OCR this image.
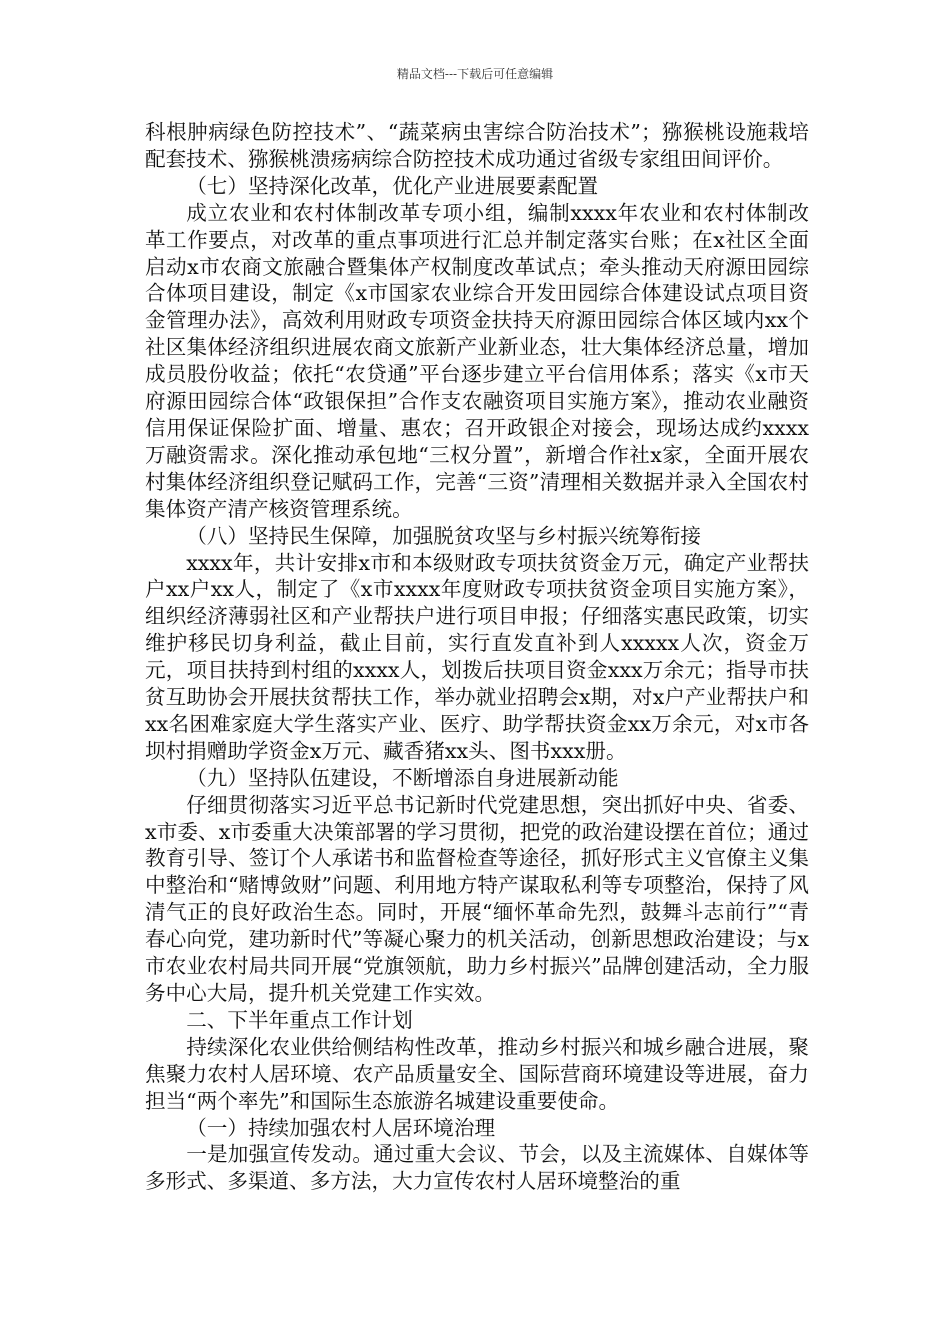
精品文档---下载后可任意编辑

科根肿病绿色防控技术”、“蔬菜病虫害综合防治技术”；猕猴桃设施栽培配套技术、猕猴桃溃疡病综合防控技术成功通过省级专家组田间评价。

（七）坚持深化改革，优化产业进展要素配置

成立农业和农村体制改革专项小组，编制xxxx年农业和农村体制改革工作要点，对改革的重点事项进行汇总并制定落实台账；在x社区全面启动x市农商文旅融合暨集体产权制度改革试点；牵头推动天府源田园综合体项目建设，制定《x市国家农业综合开发田园综合体建设试点项目资金管理办法》，高效利用财政专项资金扶持天府源田园综合体区域内xx个社区集体经济组织进展农商文旅新产业新业态，壮大集体经济总量，增加成员股份收益；依托“农贷通”平台逐步建立平台信用体系；落实《x市天府源田园综合体“政银保担”合作支农融资项目实施方案》，推动农业融资信用保证保险扩面、增量、惠农；召开政银企对接会，现场达成约xxxx万融资需求。深化推动承包地“三权分置”，新增合作社x家，全面开展农村集体经济组织登记赋码工作，完善“三资”清理相关数据并录入全国农村集体资产清产核资管理系统。

（八）坚持民生保障，加强脱贫攻坚与乡村振兴统筹衔接

xxxx年，共计安排x市和本级财政专项扶贫资金万元，确定产业帮扶户xx户xx人，制定了《x市xxxx年度财政专项扶贫资金项目实施方案》，组织经济薄弱社区和产业帮扶户进行项目申报；仔细落实惠民政策，切实维护移民切身利益，截止目前，实行直发直补到人xxxxx人次，资金万元，项目扶持到村组的xxxx人，划拨后扶项目资金xxx万余元；指导市扶贫互助协会开展扶贫帮扶工作，举办就业招聘会x期，对x户产业帮扶户和xx名困难家庭大学生落实产业、医疗、助学帮扶资金xx万余元，对x市各坝村捐赠助学资金x万元、藏香猪xx头、图书xxx册。

（九）坚持队伍建设，不断增添自身进展新动能

仔细贯彻落实习近平总书记新时代党建思想，突出抓好中央、省委、x市委、x市委重大决策部署的学习贯彻，把党的政治建设摆在首位；通过教育引导、签订个人承诺书和监督检查等途径，抓好形式主义官僚主义集中整治和“赌博敛财”问题、利用地方特产谋取私利等专项整治，保持了风清气正的良好政治生态。同时，开展“缅怀革命先烈，鼓舞斗志前行”“青春心向党，建功新时代”等凝心聚力的机关活动，创新思想政治建设；与x市农业农村局共同开展“党旗领航，助力乡村振兴”品牌创建活动，全力服务中心大局，提升机关党建工作实效。

二、下半年重点工作计划

持续深化农业供给侧结构性改革，推动乡村振兴和城乡融合进展，聚焦聚力农村人居环境、农产品质量安全、国际营商环境建设等进展，奋力担当“两个率先”和国际生态旅游名城建设重要使命。

（一）持续加强农村人居环境治理

一是加强宣传发动。通过重大会议、节会，以及主流媒体、自媒体等多形式、多渠道、多方法，大力宣传农村人居环境整治的重
